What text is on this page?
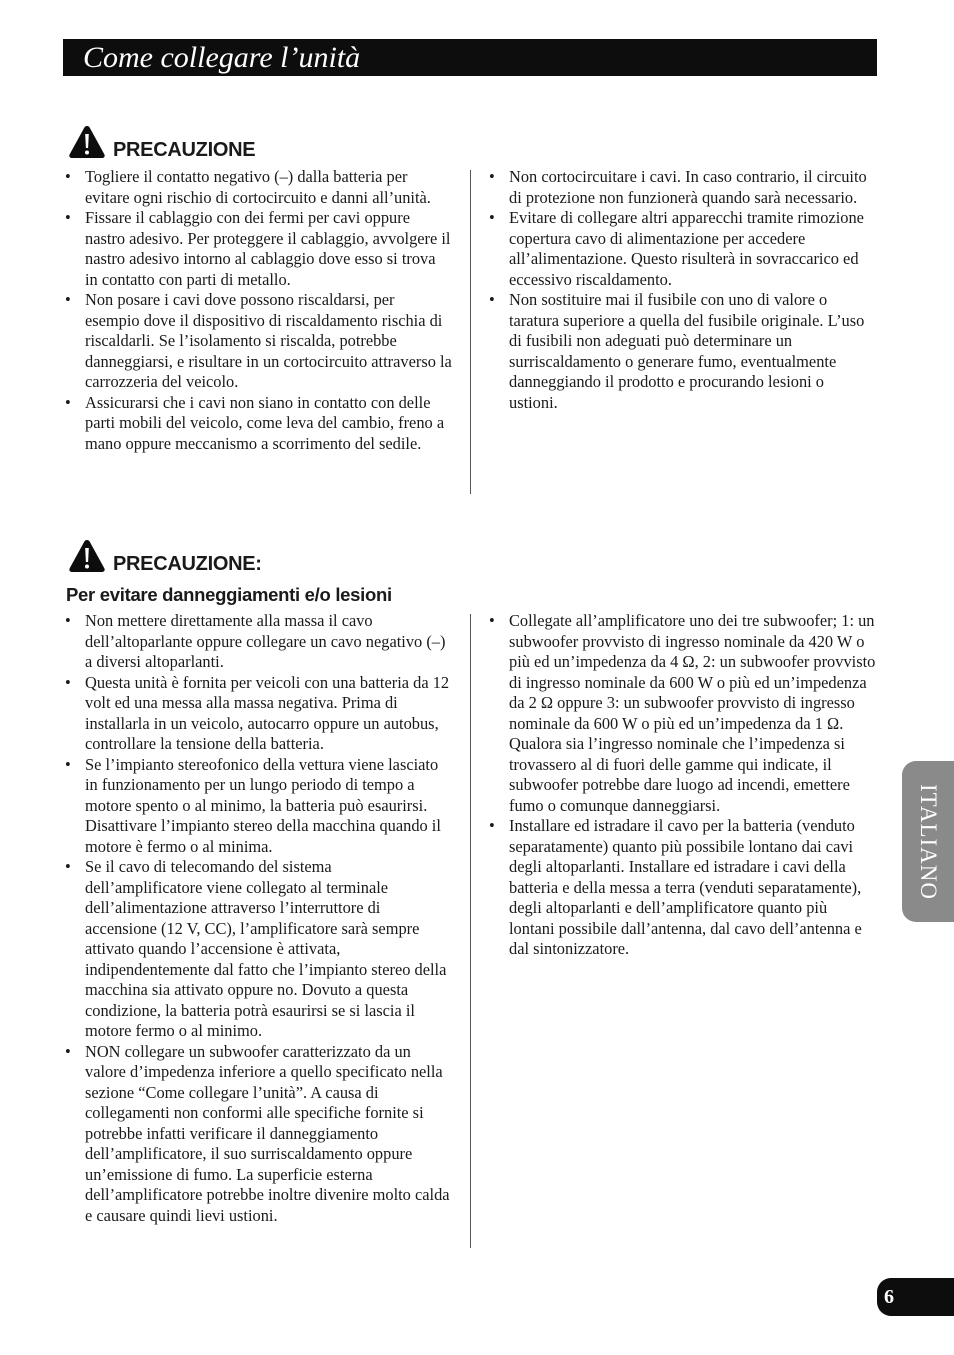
Come collegare l’unità
PRECAUZIONE
• Togliere il contatto negativo (–) dalla batteria per evitare ogni rischio di cortocircuito e danni all’unità.
• Fissare il cablaggio con dei fermi per cavi oppure nastro adesivo. Per proteggere il cablaggio, avvolgere il nastro adesivo intorno al cablaggio dove esso si trova in contatto con parti di metallo.
• Non posare i cavi dove possono riscaldarsi, per esempio dove il dispositivo di riscaldamento rischia di riscaldarli. Se l’isolamento si riscalda, potrebbe danneggiarsi, e risultare in un cortocircuito attraverso la carrozzeria del veicolo.
• Assicurarsi che i cavi non siano in contatto con delle parti mobili del veicolo, come leva del cambio, freno a mano oppure meccanismo a scorrimento del sedile.
• Non cortocircuitare i cavi. In caso contrario, il circuito di protezione non funzionerà quando sarà necessario.
• Evitare di collegare altri apparecchi tramite rimozione copertura cavo di alimentazione per accedere all’alimentazione. Questo risulterà in sovraccarico ed eccessivo riscaldamento.
• Non sostituire mai il fusibile con uno di valore o taratura superiore a quella del fusibile originale. L’uso di fusibili non adeguati può determinare un surriscaldamento o generare fumo, eventualmente danneggiando il prodotto e procurando lesioni o ustioni.
PRECAUZIONE:
Per evitare danneggiamenti e/o lesioni
• Non mettere direttamente alla massa il cavo dell’altoparlante oppure collegare un cavo negativo (–) a diversi altoparlanti.
• Questa unità è fornita per veicoli con una batteria da 12 volt ed una messa alla massa negativa. Prima di installarla in un veicolo, autocarro oppure un autobus, controllare la tensione della batteria.
• Se l’impianto stereofonico della vettura viene lasciato in funzionamento per un lungo periodo di tempo a motore spento o al minimo, la batteria può esaurirsi. Disattivare l’impianto stereo della macchina quando il motore è fermo o al minima.
• Se il cavo di telecomando del sistema dell’amplificatore viene collegato al terminale dell’alimentazione attraverso l’interruttore di accensione (12 V, CC), l’amplificatore sarà sempre attivato quando l’accensione è attivata, indipendentemente dal fatto che l’impianto stereo della macchina sia attivato oppure no. Dovuto a questa condizione, la batteria potrà esaurirsi se si lascia il motore fermo o al minimo.
• NON collegare un subwoofer caratterizzato da un valore d’impedenza inferiore a quello specificato nella sezione “Come collegare l’unità”. A causa di collegamenti non conformi alle specifiche fornite si potrebbe infatti verificare il danneggiamento dell’amplificatore, il suo surriscaldamento oppure un’emissione di fumo. La superficie esterna dell’amplificatore potrebbe inoltre divenire molto calda e causare quindi lievi ustioni.
• Collegate all’amplificatore uno dei tre subwoofer; 1: un subwoofer provvisto di ingresso nominale da 420 W o più ed un’impedenza da 4 Ω, 2: un subwoofer provvisto di ingresso nominale da 600 W o più ed un’impedenza da 2 Ω oppure 3: un subwoofer provvisto di ingresso nominale da 600 W o più ed un’impedenza da 1 Ω. Qualora sia l’ingresso nominale che l’impedenza si trovassero al di fuori delle gamme qui indicate, il subwoofer potrebbe dare luogo ad incendi, emettere fumo o comunque danneggiarsi.
• Installare ed istradare il cavo per la batteria (venduto separatamente) quanto più possibile lontano dai cavi degli altoparlanti. Installare ed istradare i cavi della batteria e della messa a terra (venduti separatamente), degli altoparlanti e dell’amplificatore quanto più lontani possibile dall’antenna, dal cavo dell’antenna e dal sintonizzatore.
ITALIANO
6
